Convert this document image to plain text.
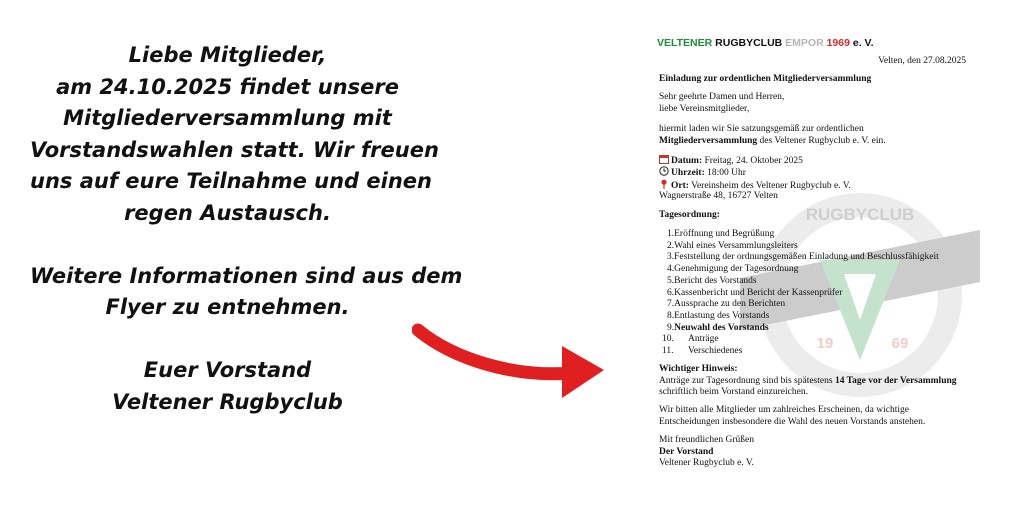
Liebe Mitglieder,
am 24.10.2025 findet unsere
Mitgliederversammlung mit
Vorstandswahlen statt. Wir freuen
uns auf eure Teilnahme und einen
regen Austausch.
Weitere Informationen sind aus dem
Flyer zu entnehmen.
Euer Vorstand
Veltener Rugbyclub
RUGBYCLUB
19	69
VELTENER RUGBYCLUB EMPOR 1969 e. V.
Velten, den 27.08.2025
Einladung zur ordentlichen Mitgliederversammlung
Sehr geehrte Damen und Herren,
liebe Vereinsmitglieder,
hiermit laden wir Sie satzungsgemäß zur ordentlichen
Mitgliederversammlung des Veltener Rugbyclub e. V. ein.
Datum: Freitag, 24. Oktober 2025
Uhrzeit: 18:00 Uhr
Ort: Vereinsheim des Veltener Rugbyclub e. V.
Wagnerstraße 48, 16727 Velten
Tagesordnung:
1.Eröffnung und Begrüßung
2.Wahl eines Versammlungsleiters
3.Feststellung der ordnungsgemäßen Einladung und Beschlussfähigkeit
4.Genehmigung der Tagesordnung
5.Bericht des Vorstands
6.Kassenbericht und Bericht der Kassenprüfer
7.Aussprache zu den Berichten
8.Entlastung des Vorstands
9.Neuwahl des Vorstands
10. Anträge
11. Verschiedenes
Wichtiger Hinweis:
Anträge zur Tagesordnung sind bis spätestens 14 Tage vor der Versammlung
schriftlich beim Vorstand einzureichen.
Wir bitten alle Mitglieder um zahlreiches Erscheinen, da wichtige
Entscheidungen insbesondere die Wahl des neuen Vorstands anstehen.
Mit freundlichen Grüßen
Der Vorstand
Veltener Rugbyclub e. V.
